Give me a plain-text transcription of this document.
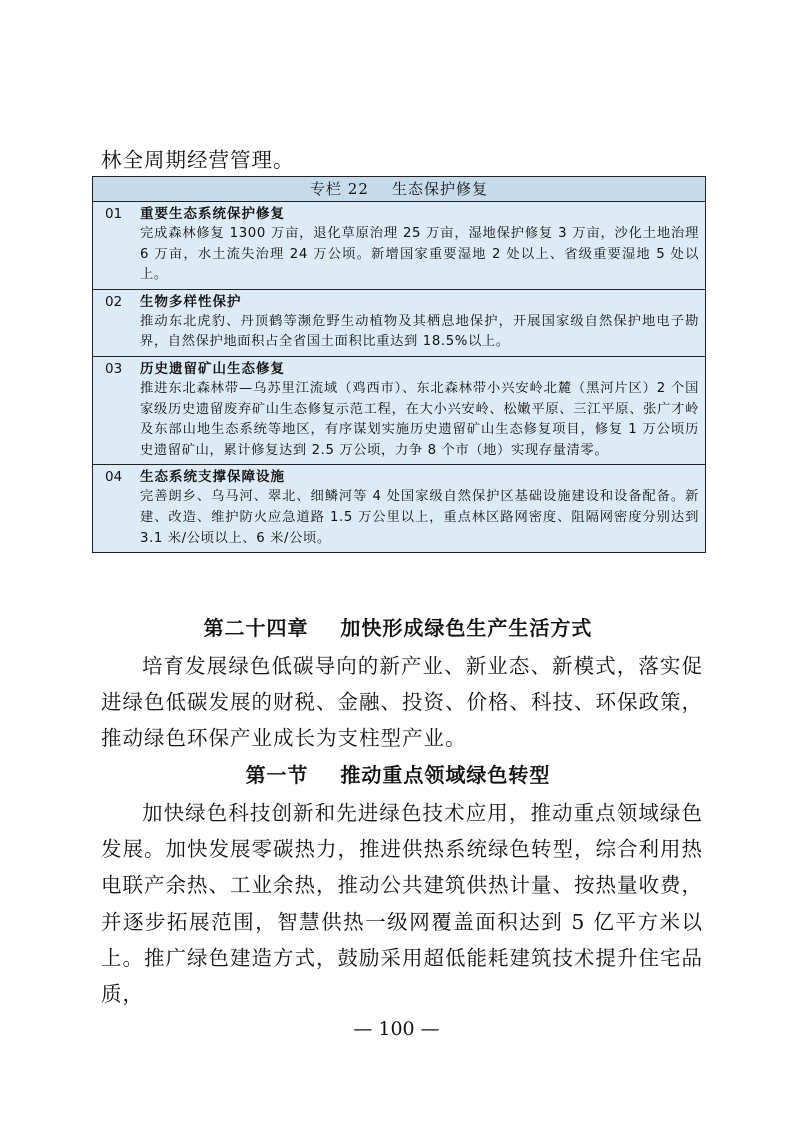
林全周期经营管理。
专栏 22    生态保护修复
01 重要生态系统保护修复
完成森林修复 1300 万亩，退化草原治理 25 万亩，湿地保护修复 3 万亩，沙化土地治理 6 万亩，水土流失治理 24 万公顷。新增国家重要湿地 2 处以上、省级重要湿地 5 处以上。
02 生物多样性保护
推动东北虎豹、丹顶鹤等濒危野生动植物及其栖息地保护，开展国家级自然保护地电子勘界，自然保护地面积占全省国土面积比重达到 18.5%以上。
03 历史遗留矿山生态修复
推进东北森林带—乌苏里江流域（鸡西市）、东北森林带小兴安岭北麓（黑河片区）2 个国家级历史遗留废弃矿山生态修复示范工程，在大小兴安岭、松嫩平原、三江平原、张广才岭及东部山地生态系统等地区，有序谋划实施历史遗留矿山生态修复项目，修复 1 万公顷历史遗留矿山，累计修复达到 2.5 万公顷，力争 8 个市（地）实现存量清零。
04 生态系统支撑保障设施
完善朗乡、乌马河、翠北、细鳞河等 4 处国家级自然保护区基础设施建设和设备配备。新建、改造、维护防火应急道路 1.5 万公里以上，重点林区路网密度、阻隔网密度分别达到 3.1 米/公顷以上、6 米/公顷。
第二十四章    加快形成绿色生产生活方式
培育发展绿色低碳导向的新产业、新业态、新模式，落实促进绿色低碳发展的财税、金融、投资、价格、科技、环保政策，推动绿色环保产业成长为支柱型产业。
第一节    推动重点领域绿色转型
加快绿色科技创新和先进绿色技术应用，推动重点领域绿色发展。加快发展零碳热力，推进供热系统绿色转型，综合利用热电联产余热、工业余热，推动公共建筑供热计量、按热量收费，并逐步拓展范围，智慧供热一级网覆盖面积达到 5 亿平方米以上。推广绿色建造方式，鼓励采用超低能耗建筑技术提升住宅品质，
— 100 —
